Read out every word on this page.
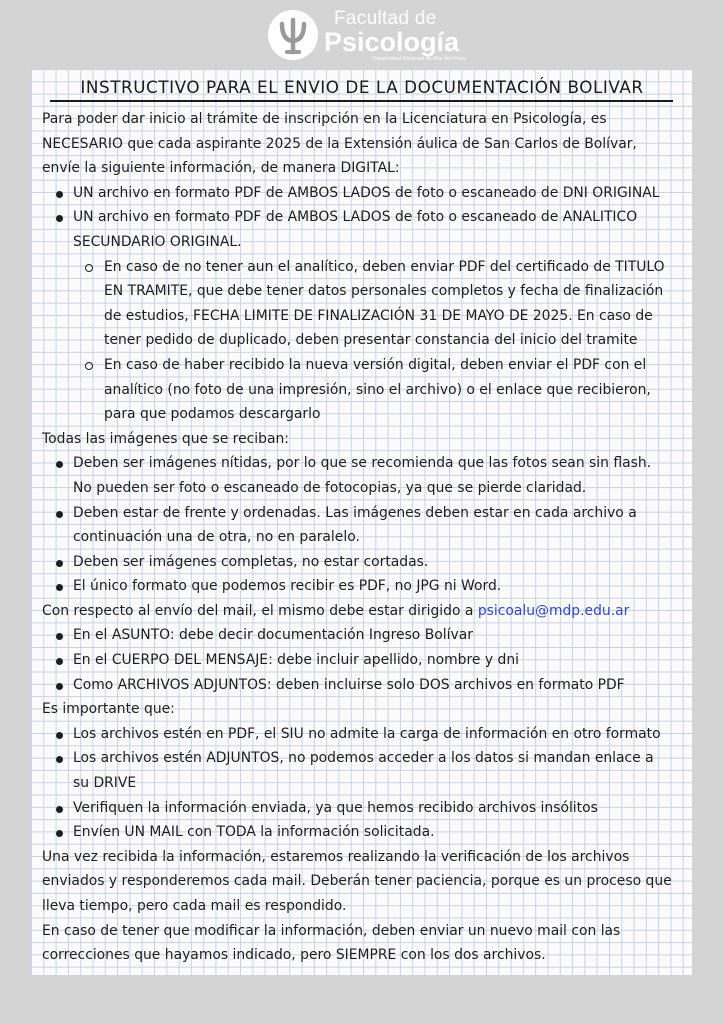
Facultad de
Psicología
Universidad Nacional de Mar del Plata
INSTRUCTIVO PARA EL ENVIO DE LA DOCUMENTACIÓN BOLIVAR
Para poder dar inicio al trámite de inscripción en la Licenciatura en Psicología, es
NECESARIO que cada aspirante 2025 de la Extensión áulica de San Carlos de Bolívar,
envíe la siguiente información, de manera DIGITAL:
UN archivo en formato PDF de AMBOS LADOS de foto o escaneado de DNI ORIGINAL
UN archivo en formato PDF de AMBOS LADOS de foto o escaneado de ANALITICO
SECUNDARIO ORIGINAL.
En caso de no tener aun el analítico, deben enviar PDF del certificado de TITULO
EN TRAMITE, que debe tener datos personales completos y fecha de finalización
de estudios, FECHA LIMITE DE FINALIZACIÓN 31 DE MAYO DE 2025. En caso de
tener pedido de duplicado, deben presentar constancia del inicio del tramite
En caso de haber recibido la nueva versión digital, deben enviar el PDF con el
analítico (no foto de una impresión, sino el archivo) o el enlace que recibieron,
para que podamos descargarlo

Todas las imágenes que se reciban:

Deben ser imágenes nítidas, por lo que se recomienda que las fotos sean sin flash.
No pueden ser foto o escaneado de fotocopias, ya que se pierde claridad.
Deben estar de frente y ordenadas. Las imágenes deben estar en cada archivo a
continuación una de otra, no en paralelo.
Deben ser imágenes completas, no estar cortadas.
El único formato que podemos recibir es PDF, no JPG ni Word.

Con respecto al envío del mail, el mismo debe estar dirigido a psicoalu@mdp.edu.ar

En el ASUNTO: debe decir documentación Ingreso Bolívar
En el CUERPO DEL MENSAJE: debe incluir apellido, nombre y dni
Como ARCHIVOS ADJUNTOS: deben incluirse solo DOS archivos en formato PDF

Es importante que:

Los archivos estén en PDF, el SIU no admite la carga de información en otro formato
Los archivos estén ADJUNTOS, no podemos acceder a los datos si mandan enlace a
su DRIVE
Verifiquen la información enviada, ya que hemos recibido archivos insólitos
Envíen UN MAIL con TODA la información solicitada.
Una vez recibida la información, estaremos realizando la verificación de los archivos
enviados y responderemos cada mail. Deberán tener paciencia, porque es un proceso que
lleva tiempo, pero cada mail es respondido.
En caso de tener que modificar la información, deben enviar un nuevo mail con las
correcciones que hayamos indicado, pero SIEMPRE con los dos archivos.
